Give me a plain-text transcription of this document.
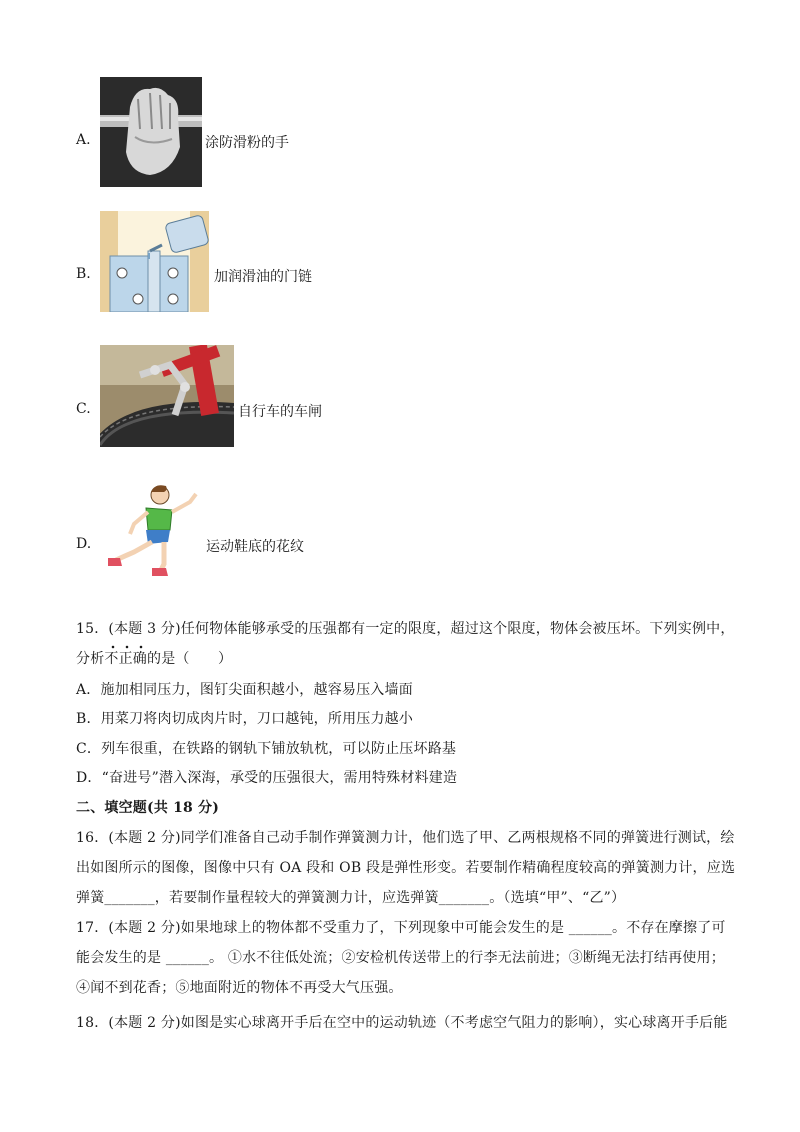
A.	涂防滑粉的手
B.	加润滑油的门链
C.	自行车的车闸
D.	运动鞋底的花纹
15．(本题 3 分)任何物体能够承受的压强都有一定的限度，超过这个限度，物体会被压坏。下列实例中，
分析不正确的是（　　）
A．施加相同压力，图钉尖面积越小，越容易压入墙面
B．用菜刀将肉切成肉片时，刀口越钝，所用压力越小
C．列车很重，在铁路的钢轨下铺放轨枕，可以防止压坏路基
D．“奋进号”潜入深海，承受的压强很大，需用特殊材料建造
二、填空题(共 18 分)
16．(本题 2 分)同学们准备自己动手制作弹簧测力计，他们选了甲、乙两根规格不同的弹簧进行测试，绘
出如图所示的图像，图像中只有 OA 段和 OB 段是弹性形变。若要制作精确程度较高的弹簧测力计，应选
弹簧_______，若要制作量程较大的弹簧测力计，应选弹簧_______。（选填“甲”、“乙”）
17．(本题 2 分)如果地球上的物体都不受重力了，下列现象中可能会发生的是 ______。不存在摩擦了可
能会发生的是 ______。 ①水不往低处流；②安检机传送带上的行李无法前进；③断绳无法打结再使用；
④闻不到花香；⑤地面附近的物体不再受大气压强。
18．(本题 2 分)如图是实心球离开手后在空中的运动轨迹（不考虑空气阻力的影响），实心球离开手后能
